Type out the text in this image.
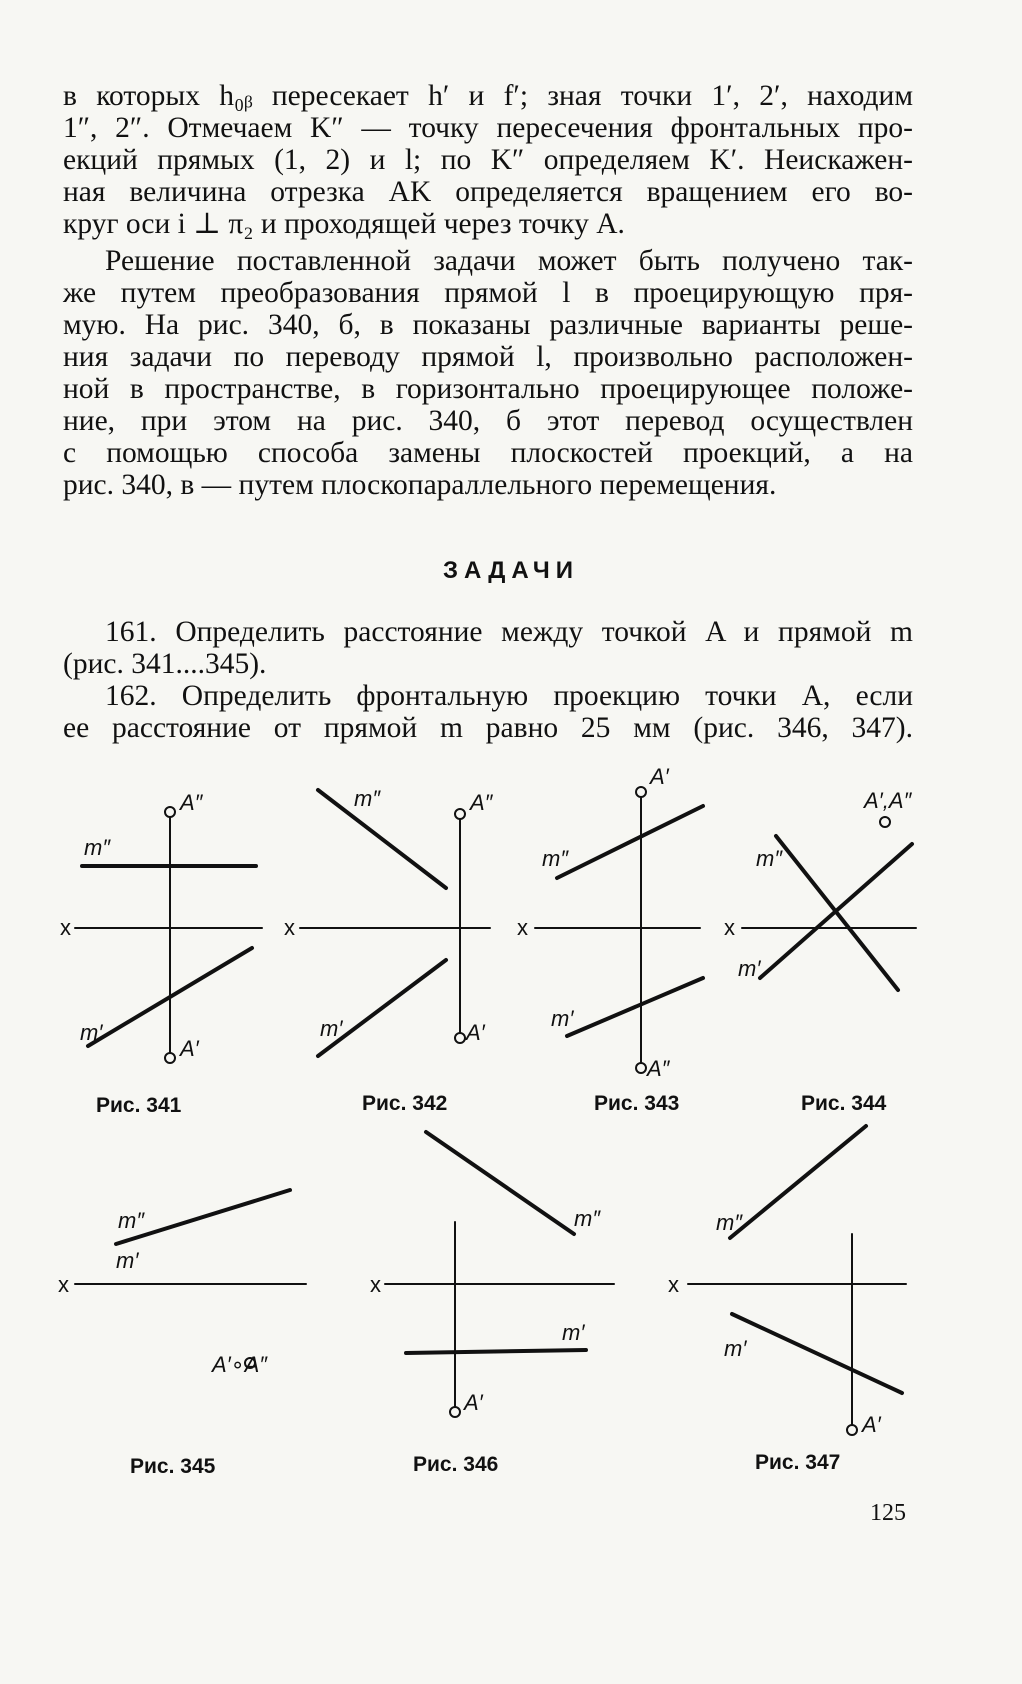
в которых h₀ᵦ пересекает h′ и f′; зная точки 1′, 2′, находим
1″, 2″. Отмечаем K″ — точку пересечения фронтальных про-
екций прямых (1, 2) и l; по K″ определяем K′. Неискажен-
ная величина отрезка AK определяется вращением его во-
круг оси i ⊥ π₂ и проходящей через точку A.
Решение поставленной задачи может быть получено так-
же путем преобразования прямой l в проецирующую пря-
мую. На рис. 340, б, в показаны различные варианты реше-
ния задачи по переводу прямой l, произвольно расположен-
ной в пространстве, в горизонтально проецирующее положе-
ние, при этом на рис. 340, б этот перевод осуществлен
с помощью способа замены плоскостей проекций, а на
рис. 340, в — путем плоскопараллельного перемещения.
ЗАДАЧИ
161. Определить расстояние между точкой A и прямой m
(рис. 341....345).
162. Определить фронтальную проекцию точки A, если
ее расстояние от прямой m равно 25 мм (рис. 346, 347).
x
A″
m″
m′
A′
x
m″	A″
m′	A′
x
A′
m″
m′
A″
x
A′,A″
m″
m′
x
m″
m′
A′∘A″
x
m″
m′
A′
x
m″
m′
A′
Рис. 341	Рис. 342	Рис. 343	Рис. 344
Рис. 345	Рис. 346	Рис. 347
125
